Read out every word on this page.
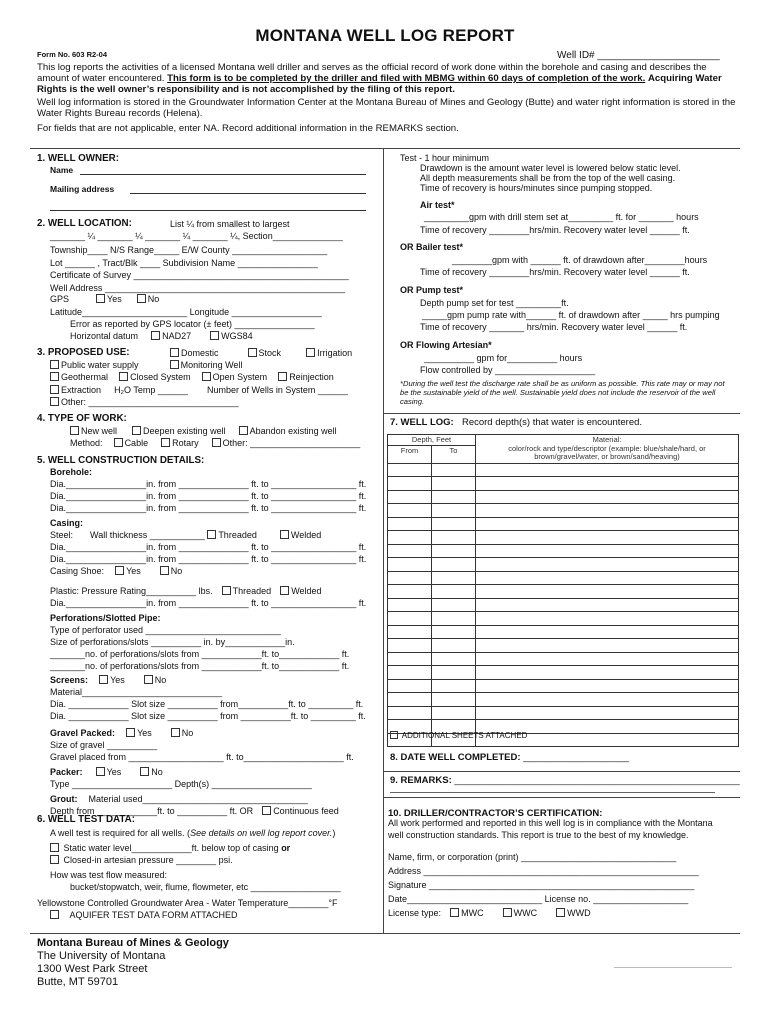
MONTANA WELL LOG REPORT
Form No. 603 R2-04	Well ID# ______________________
This log reports the activities of a licensed Montana well driller and serves as the official record of work done within the borehole and casing and describes the amount of water encountered. This form is to be completed by the driller and filed with MBMG within 60 days of completion of the work. Acquiring Water Rights is the well owner’s responsibility and is not accomplished by the filing of this report.
Well log information is stored in the Groundwater Information Center at the Montana Bureau of Mines and Geology (Butte) and water right information is stored in the Water Rights Bureau records (Helena).
For fields that are not applicable, enter NA. Record additional information in the REMARKS section.
1. WELL OWNER:
Name
Mailing address
2. WELL LOCATION:	List ¼ from smallest to largest
_______ ¼ _______ ¼ _______ ¼ _______ ¼, Section______________
Township____ N/S Range_____ E/W County ___________________
Lot ______ , Tract/Blk ____ Subdivision Name ________________
Certificate of Survey ___________________________________________
Well Address ________________________________________________
GPS	Yes	No
Latitude_____________________ Longitude __________________
Error as reported by GPS locator (± feet) ________________
Horizontal datum	NAD27	WGS84
3. PROPOSED USE:	Domestic	Stock	Irrigation
Public water supply	Monitoring Well
Geothermal Closed System Open System Reinjection
Extraction H₂O Temp ______ Number of Wells in System ______
Other: ______________________________
4. TYPE OF WORK:
New well	Deepen existing well	Abandon existing well
Method: Cable	Rotary	Other: ______________________
5. WELL CONSTRUCTION DETAILS:
Borehole:
Dia.________________in. from ______________ ft. to _________________ ft.
Dia.________________in. from ______________ ft. to _________________ ft.
Dia.________________in. from ______________ ft. to _________________ ft.
Casing:
Steel: Wall thickness ___________ Threaded	Welded
Dia.________________in. from ______________ ft. to _________________ ft.
Dia.________________in. from ______________ ft. to _________________ ft.
Casing Shoe: Yes	No
Plastic: Pressure Rating__________ lbs. Threaded Welded
Dia.________________in. from ______________ ft. to _________________ ft.
Perforations/Slotted Pipe:
Type of perforator used ___________________________
Size of perforations/slots __________ in. by____________in.
_______no. of perforations/slots from ____________ft. to____________ ft.
_______no. of perforations/slots from ____________ft. to____________ ft.
Screens: Yes	No
Material____________________________
Dia. ____________ Slot size __________ from__________ft. to _________ ft.
Dia. ____________ Slot size __________ from __________ft. to _________ ft.
Gravel Packed: Yes	No
Size of gravel __________
Gravel placed from ___________________ ft. to____________________ ft.
Packer:	Yes	No
Type ____________________ Depth(s) ____________________
Grout: Material used_________________________________
Depth from ____________ft. to __________ ft. OR Continuous feed
6. WELL TEST DATA:
A well test is required for all wells. (See details on well log report cover.)
Static water level____________ft. below top of casing or
Closed-in artesian pressure ________ psi.
How was test flow measured:
bucket/stopwatch, weir, flume, flowmeter, etc __________________
Yellowstone Controlled Groundwater Area - Water Temperature________°F
AQUIFER TEST DATA FORM ATTACHED
Test - 1 hour minimum
Drawdown is the amount water level is lowered below static level.
All depth measurements shall be from the top of the well casing.
Time of recovery is hours/minutes since pumping stopped.
Air test*
_________gpm with drill stem set at_________ ft. for _______ hours
Time of recovery ________hrs/min. Recovery water level ______ ft.
OR Bailer test*
________gpm with ______ ft. of drawdown after________hours
Time of recovery ________hrs/min. Recovery water level ______ ft.
OR Pump test*
Depth pump set for test _________ft.
_____gpm pump rate with______ ft. of drawdown after _____ hrs pumping
Time of recovery _______ hrs/min. Recovery water level ______ ft.
OR Flowing Artesian*
__________ gpm for__________ hours
Flow controlled by ____________________
*During the well test the discharge rate shall be as uniform as possible. This rate may or may not be the sustainable yield of the well. Sustainable yield does not include the reservoir of the well casing.
7. WELL LOG: Record depth(s) that water is encountered.
Depth, Feet		Material:
color/rock and type/descriptor (example: blue/shale/hard, or brown/gravel/water, or brown/sand/heaving)
From	To	

ADDITIONAL SHEETS ATTACHED
8. DATE WELL COMPLETED: ____________________
9. REMARKS: ______________________________________________________
10. DRILLER/CONTRACTOR’S CERTIFICATION:
All work performed and reported in this well log is in compliance with the Montana well construction standards. This report is true to the best of my knowledge.
Name, firm, or corporation (print) _______________________________
Address _______________________________________________________
Signature _____________________________________________________
Date___________________________ License no. ___________________
License type: MWC	WWC	WWD
Montana Bureau of Mines & Geology
The University of Montana
1300 West Park Street
Butte, MT 59701
